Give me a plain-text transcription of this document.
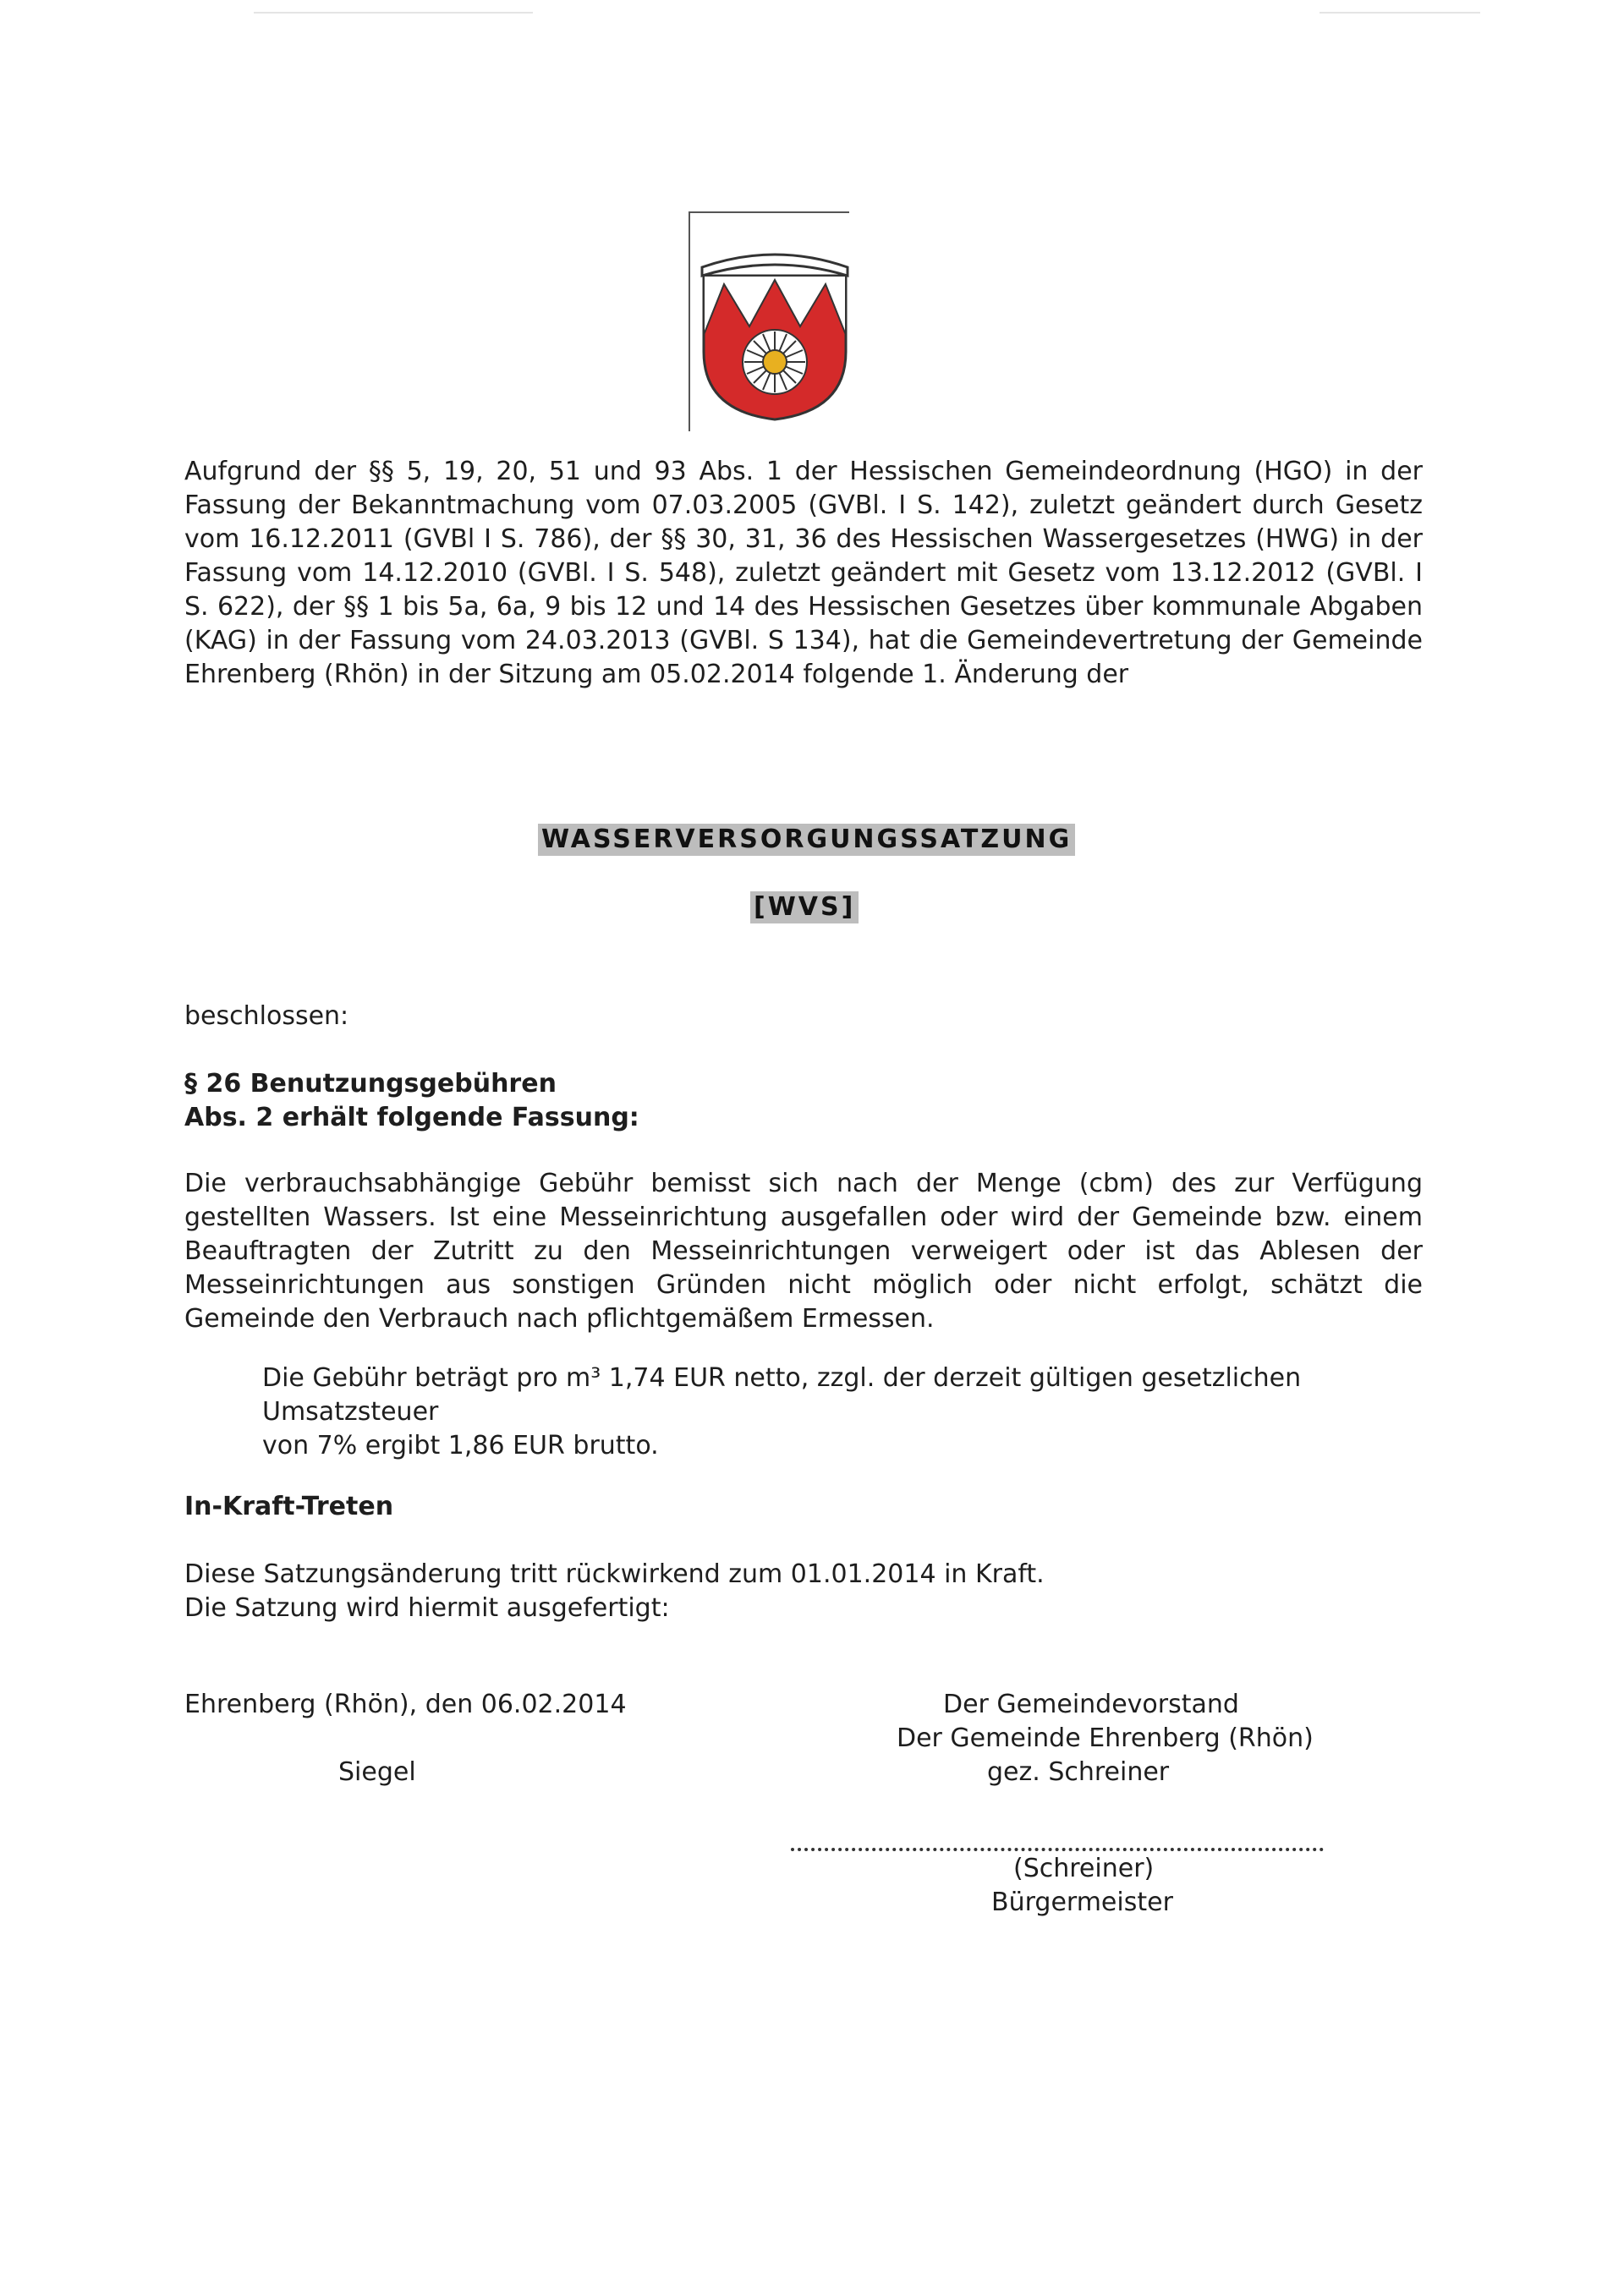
Aufgrund der §§ 5, 19, 20, 51 und 93 Abs. 1 der Hessischen Gemeindeordnung (HGO) in der Fassung der Bekanntmachung vom 07.03.2005 (GVBl. I S. 142), zuletzt geändert durch Gesetz vom 16.12.2011 (GVBl I S. 786), der §§ 30, 31, 36 des Hessischen Wassergesetzes (HWG) in der Fassung vom 14.12.2010 (GVBl. I S. 548), zuletzt geändert mit Gesetz vom 13.12.2012 (GVBl. I S. 622), der §§ 1 bis 5a, 6a, 9 bis 12 und 14 des Hessischen Gesetzes über kommunale Abgaben (KAG) in der Fassung vom 24.03.2013 (GVBl. S 134), hat die Gemeindevertretung der Gemeinde Ehrenberg (Rhön) in der Sitzung am 05.02.2014 folgende 1. Änderung der
WASSERVERSORGUNGSSATZUNG
[WVS]
beschlossen:
§ 26 Benutzungsgebühren
Abs. 2 erhält folgende Fassung:
Die verbrauchsabhängige Gebühr bemisst sich nach der Menge (cbm) des zur Verfügung gestellten Wassers. Ist eine Messeinrichtung ausgefallen oder wird der Gemeinde bzw. einem Beauftragten der Zutritt zu den Messeinrichtungen verweigert oder ist das Ablesen der Messeinrichtungen aus sonstigen Gründen nicht möglich oder nicht erfolgt, schätzt die Gemeinde den Verbrauch nach pflichtgemäßem Ermessen.
Die Gebühr beträgt pro m³ 1,74 EUR netto, zzgl. der derzeit gültigen gesetzlichen Umsatzsteuer
von 7% ergibt 1,86 EUR brutto.
In-Kraft-Treten
Diese Satzungsänderung tritt rückwirkend zum 01.01.2014 in Kraft.
Die Satzung wird hiermit ausgefertigt:
Ehrenberg (Rhön), den 06.02.2014
Siegel
Der Gemeindevorstand
Der Gemeinde Ehrenberg (Rhön)
gez. Schreiner
(Schreiner)
Bürgermeister
